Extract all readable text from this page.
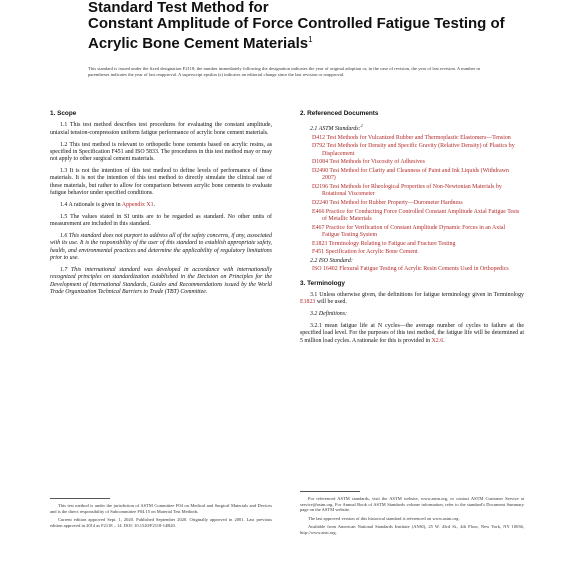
Standard Test Method for
Constant Amplitude of Force Controlled Fatigue Testing of
Acrylic Bone Cement Materials$^1$
This standard is issued under the fixed designation F2118; the number immediately following the designation indicates the year of original adoption or, in the case of revision, the year of last revision. A number in parentheses indicates the year of last reapproval. A superscript epsilon (ε) indicates an editorial change since the last revision or reapproval.
1. Scope

1.1 This test method describes test procedures for evaluating the constant amplitude, uniaxial tension-compression uniform fatigue performance of acrylic bone cement materials.

1.2 This test method is relevant to orthopedic bone cements based on acrylic resins, as specified in Specification F451 and ISO 5833. The procedures in this test method may or may not apply to other surgical cement materials.

1.3 It is not the intention of this test method to define levels of performance of these materials. It is not the intention of this test method to directly simulate the clinical use of these materials, but rather to allow for comparison between acrylic bone cements to evaluate fatigue behavior under specified conditions.

1.4 A rationale is given in Appendix X1.

1.5 The values stated in SI units are to be regarded as standard. No other units of measurement are included in this standard.

1.6 This standard does not purport to address all of the safety concerns, if any, associated with its use. It is the responsibility of the user of this standard to establish appropriate safety, health, and environmental practices and determine the applicability of regulatory limitations prior to use.

1.7 This international standard was developed in accordance with internationally recognized principles on standardization established in the Decision on Principles for the Development of International Standards, Guides and Recommendations issued by the World Trade Organization Technical Barriers to Trade (TBT) Committee.

2. Referenced Documents
2.1 ASTM Standards:$^2$
D412 Test Methods for Vulcanized Rubber and Thermoplastic Elastomers—Tension
D792 Test Methods for Density and Specific Gravity (Relative Density) of Plastics by Displacement
D1084 Test Methods for Viscosity of Adhesives
D2490 Test Method for Clarity and Cleanness of Paint and Ink Liquids (Withdrawn 2007)
D2196 Test Methods for Rheological Properties of Non-Newtonian Materials by Rotational Viscometer
D2240 Test Method for Rubber Property—Durometer Hardness
E466 Practice for Conducting Force Controlled Constant Amplitude Axial Fatigue Tests of Metallic Materials
E467 Practice for Verification of Constant Amplitude Dynamic Forces in an Axial Fatigue Testing System
E1823 Terminology Relating to Fatigue and Fracture Testing
F451 Specification for Acrylic Bone Cement
2.2 ISO Standard:
ISO 16402 Flexural Fatigue Testing of Acrylic Resin Cements Used in Orthopedics
3. Terminology

3.1 Unless otherwise given, the definitions for fatigue terminology given in Terminology E1823 will be used.

3.2 Definitions:

3.2.1 mean fatigue life at N cycles—the average number of cycles to failure at the specified load level. For the purposes of this test method, the fatigue life will be determined at 5 million load cycles. A rationale for this is provided in X2.6.

This test method is under the jurisdiction of ASTM Committee F04 on Medical and Surgical Materials and Devices and is the direct responsibility of Subcommittee F04.15 on Material Test Methods.

Current edition approved Sept. 1, 2020. Published September 2020. Originally approved in 2001. Last previous edition approved in 2014 as F2118 – 14. DOI: 10.1520/F2118-14R20.

For referenced ASTM standards, visit the ASTM website, www.astm.org, or contact ASTM Customer Service at service@astm.org. For Annual Book of ASTM Standards volume information, refer to the standard's Document Summary page on the ASTM website.

The last approved version of this historical standard is referenced on www.astm.org.

Available from American National Standards Institute (ANSI), 25 W. 43rd St., 4th Floor, New York, NY 10036, http://www.ansi.org.
